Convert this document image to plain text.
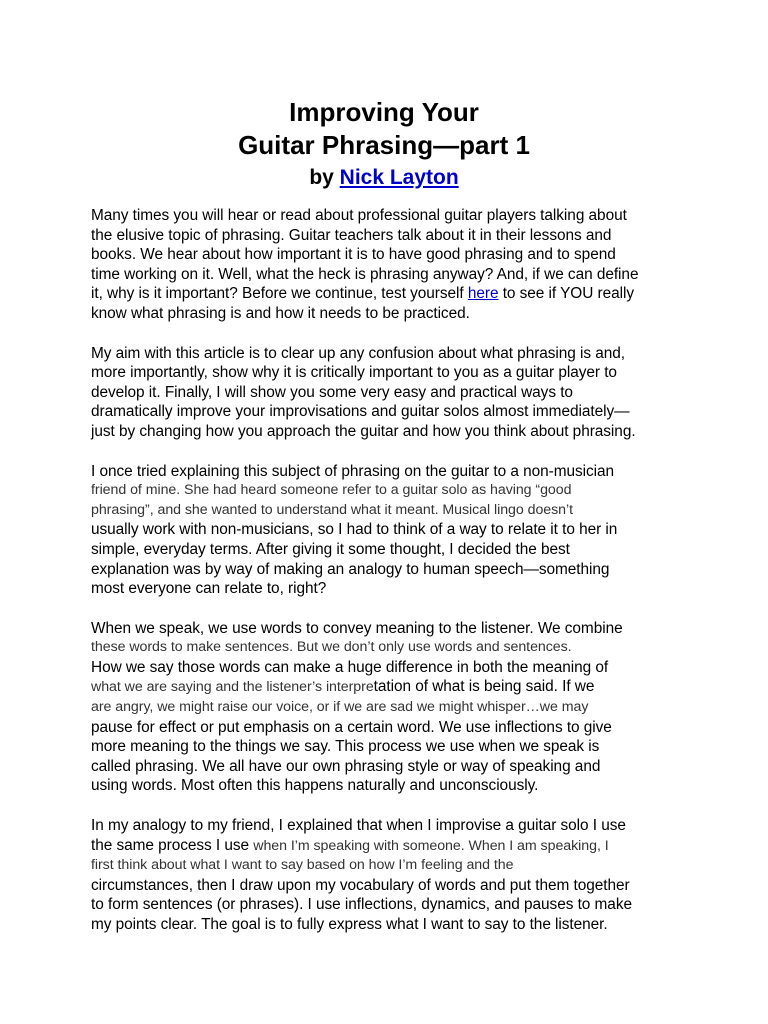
Improving Your
Guitar Phrasing—part 1
by Nick Layton
Many times you will hear or read about professional guitar players talking about
the elusive topic of phrasing. Guitar teachers talk about it in their lessons and
books. We hear about how important it is to have good phrasing and to spend
time working on it. Well, what the heck is phrasing anyway? And, if we can define
it, why is it important? Before we continue, test yourself here to see if YOU really
know what phrasing is and how it needs to be practiced.
My aim with this article is to clear up any confusion about what phrasing is and,
more importantly, show why it is critically important to you as a guitar player to
develop it. Finally, I will show you some very easy and practical ways to
dramatically improve your improvisations and guitar solos almost immediately—
just by changing how you approach the guitar and how you think about phrasing.
I once tried explaining this subject of phrasing on the guitar to a non-musician
friend of mine. She had heard someone refer to a guitar solo as having “good
phrasing”, and she wanted to understand what it meant. Musical lingo doesn’t
usually work with non-musicians, so I had to think of a way to relate it to her in
simple, everyday terms. After giving it some thought, I decided the best
explanation was by way of making an analogy to human speech—something
most everyone can relate to, right?
When we speak, we use words to convey meaning to the listener. We combine
these words to make sentences. But we don’t only use words and sentences.
How we say those words can make a huge difference in both the meaning of
what we are saying and the listener’s interpretation of what is being said. If we
are angry, we might raise our voice, or if we are sad we might whisper…we may
pause for effect or put emphasis on a certain word. We use inflections to give
more meaning to the things we say. This process we use when we speak is
called phrasing. We all have our own phrasing style or way of speaking and
using words. Most often this happens naturally and unconsciously.
In my analogy to my friend, I explained that when I improvise a guitar solo I use
the same process I use when I’m speaking with someone. When I am speaking, I
first think about what I want to say based on how I’m feeling and the
circumstances, then I draw upon my vocabulary of words and put them together
to form sentences (or phrases). I use inflections, dynamics, and pauses to make
my points clear. The goal is to fully express what I want to say to the listener.
